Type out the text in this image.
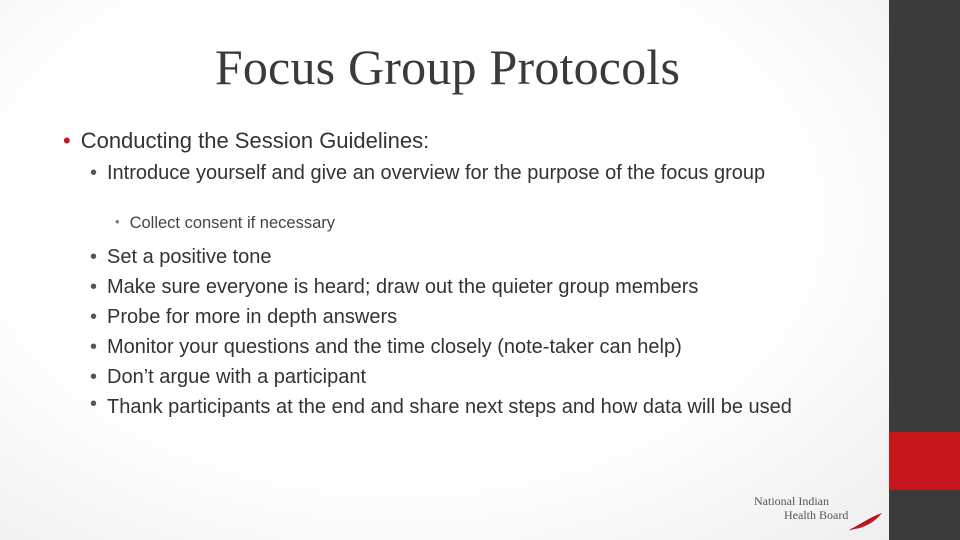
Focus Group Protocols
• Conducting the Session Guidelines:
• Introduce yourself and give an overview for the purpose of the focus group
• Collect consent if necessary
• Set a positive tone
• Make sure everyone is heard; draw out the quieter group members
• Probe for more in depth answers
• Monitor your questions and the time closely (note-taker can help)
• Don’t argue with a participant
• Thank participants at the end and share next steps and how data will be used
National Indian
Health Board
